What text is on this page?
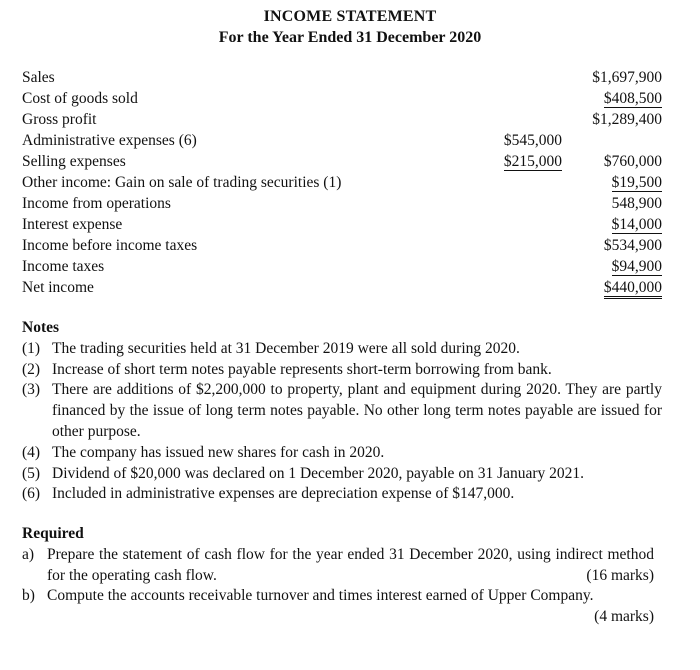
INCOME STATEMENT
For the Year Ended 31 December 2020
Sales	$1,697,900
Cost of goods sold	$408,500
Gross profit	$1,289,400
Administrative expenses (6)	$545,000
Selling expenses	$215,000	$760,000
Other income: Gain on sale of trading securities (1)	$19,500
Income from operations	548,900
Interest expense	$14,000
Income before income taxes	$534,900
Income taxes	$94,900
Net income	$440,000
Notes
(1) The trading securities held at 31 December 2019 were all sold during 2020.
(2) Increase of short term notes payable represents short-term borrowing from bank.
(3) There are additions of $2,200,000 to property, plant and equipment during 2020. They are partly financed by the issue of long term notes payable. No other long term notes payable are issued for other purpose.
(4) The company has issued new shares for cash in 2020.
(5) Dividend of $20,000 was declared on 1 December 2020, payable on 31 January 2021.
(6) Included in administrative expenses are depreciation expense of $147,000.
Required
a) Prepare the statement of cash flow for the year ended 31 December 2020, using indirect method for the operating cash flow.	(16 marks)
b) Compute the accounts receivable turnover and times interest earned of Upper Company.
(4 marks)
